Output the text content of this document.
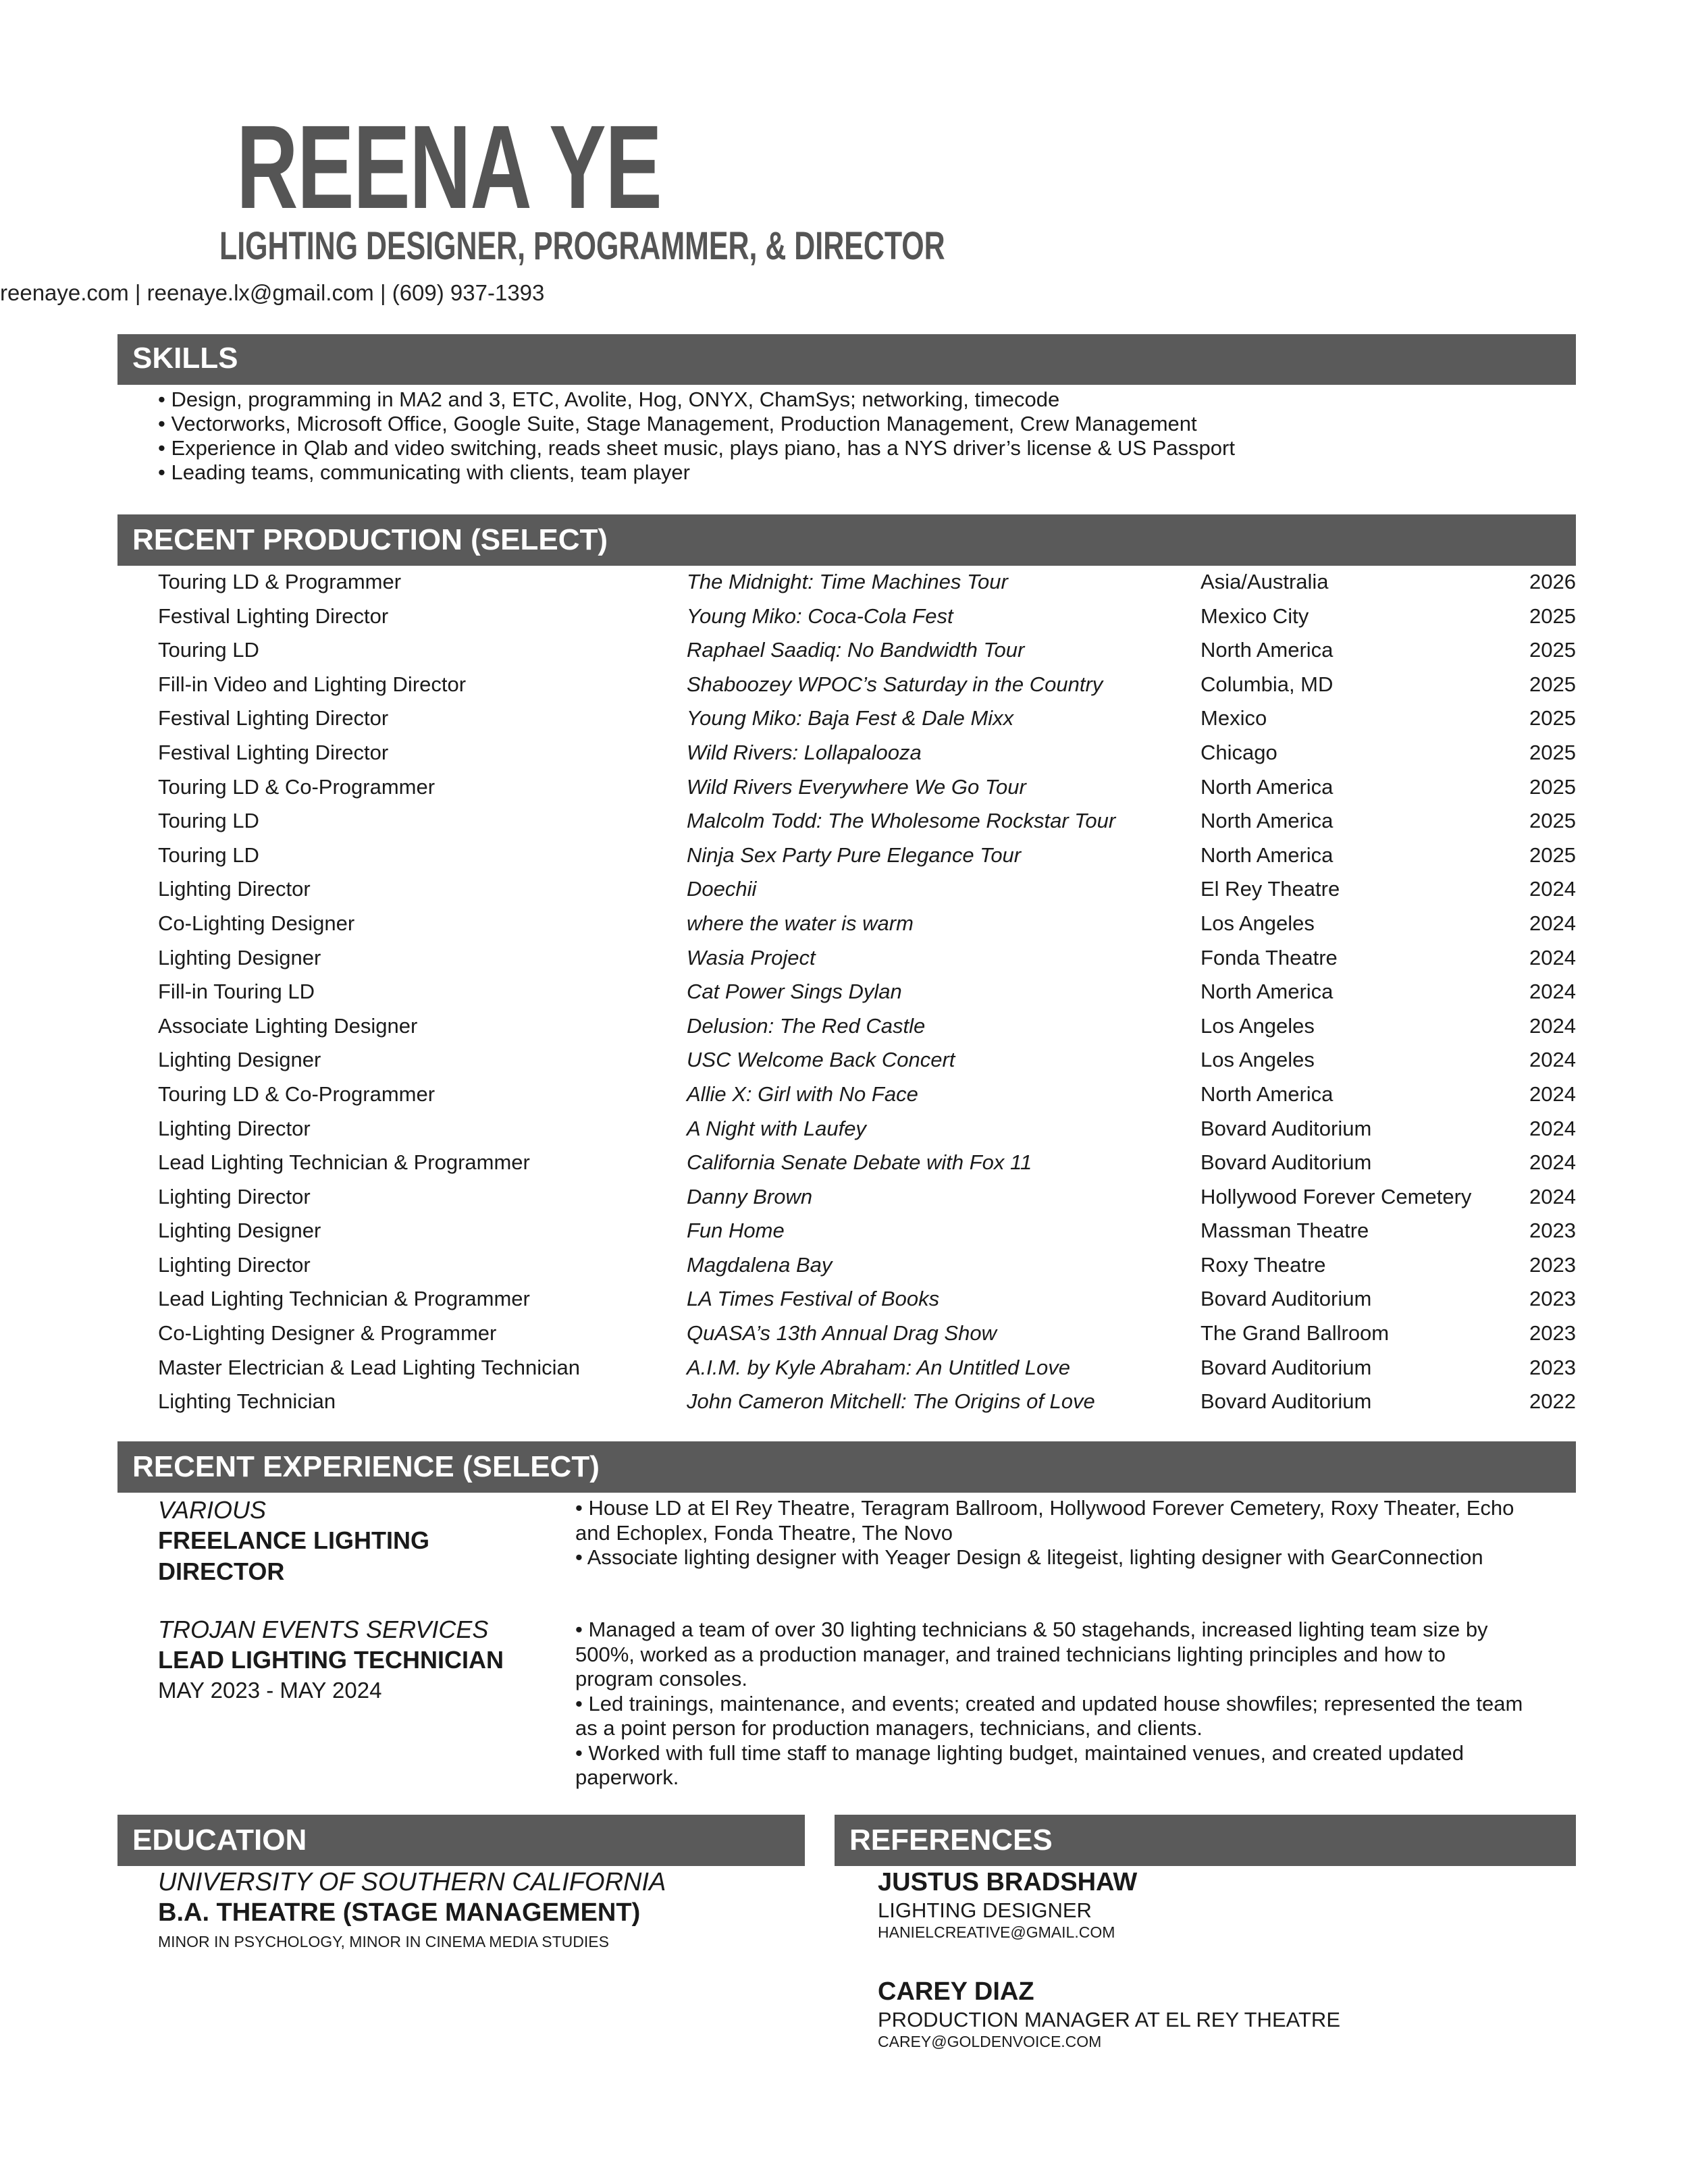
REENA YE
LIGHTING DESIGNER, PROGRAMMER, & DIRECTOR
reenaye.com | reenaye.lx@gmail.com | (609) 937-1393
SKILLS
• Design, programming in MA2 and 3, ETC, Avolite, Hog, ONYX, ChamSys; networking, timecode
• Vectorworks, Microsoft Office, Google Suite, Stage Management, Production Management, Crew Management
• Experience in Qlab and video switching, reads sheet music, plays piano, has a NYS driver’s license & US Passport
• Leading teams, communicating with clients, team player
RECENT PRODUCTION (SELECT)
Touring LD & Programmer	The Midnight: Time Machines Tour	Asia/Australia	2026
Festival Lighting Director	Young Miko: Coca-Cola Fest	Mexico City	2025
Touring LD	Raphael Saadiq: No Bandwidth Tour	North America	2025
Fill-in Video and Lighting Director	Shaboozey WPOC’s Saturday in the Country	Columbia, MD	2025
Festival Lighting Director	Young Miko: Baja Fest & Dale Mixx	Mexico	2025
Festival Lighting Director	Wild Rivers: Lollapalooza	Chicago	2025
Touring LD & Co-Programmer	Wild Rivers Everywhere We Go Tour	North America	2025
Touring LD	Malcolm Todd: The Wholesome Rockstar Tour	North America	2025
Touring LD	Ninja Sex Party Pure Elegance Tour	North America	2025
Lighting Director	Doechii	El Rey Theatre	2024
Co-Lighting Designer	where the water is warm	Los Angeles	2024
Lighting Designer	Wasia Project	Fonda Theatre	2024
Fill-in Touring LD	Cat Power Sings Dylan	North America	2024
Associate Lighting Designer	Delusion: The Red Castle	Los Angeles	2024
Lighting Designer	USC Welcome Back Concert	Los Angeles	2024
Touring LD & Co-Programmer	Allie X: Girl with No Face	North America	2024
Lighting Director	A Night with Laufey	Bovard Auditorium	2024
Lead Lighting Technician & Programmer	California Senate Debate with Fox 11	Bovard Auditorium	2024
Lighting Director	Danny Brown	Hollywood Forever Cemetery	2024
Lighting Designer	Fun Home	Massman Theatre	2023
Lighting Director	Magdalena Bay	Roxy Theatre	2023
Lead Lighting Technician & Programmer	LA Times Festival of Books	Bovard Auditorium	2023
Co-Lighting Designer & Programmer	QuASA’s 13th Annual Drag Show	The Grand Ballroom	2023
Master Electrician & Lead Lighting Technician	A.I.M. by Kyle Abraham: An Untitled Love	Bovard Auditorium	2023
Lighting Technician	John Cameron Mitchell: The Origins of Love	Bovard Auditorium	2022
RECENT EXPERIENCE (SELECT)
VARIOUS
FREELANCE LIGHTING
DIRECTOR
• House LD at El Rey Theatre, Teragram Ballroom, Hollywood Forever Cemetery, Roxy Theater, Echo
and Echoplex, Fonda Theatre, The Novo
• Associate lighting designer with Yeager Design & litegeist, lighting designer with GearConnection
TROJAN EVENTS SERVICES
LEAD LIGHTING TECHNICIAN
MAY 2023 - MAY 2024
• Managed a team of over 30 lighting technicians & 50 stagehands, increased lighting team size by
500%, worked as a production manager, and trained technicians lighting principles and how to
program consoles.
• Led trainings, maintenance, and events; created and updated house showfiles; represented the team
as a point person for production managers, technicians, and clients.
• Worked with full time staff to manage lighting budget, maintained venues, and created updated
paperwork.
EDUCATION
UNIVERSITY OF SOUTHERN CALIFORNIA
B.A. THEATRE (STAGE MANAGEMENT)
MINOR IN PSYCHOLOGY, MINOR IN CINEMA MEDIA STUDIES
REFERENCES
JUSTUS BRADSHAW
LIGHTING DESIGNER
HANIELCREATIVE@GMAIL.COM
CAREY DIAZ
PRODUCTION MANAGER AT EL REY THEATRE
CAREY@GOLDENVOICE.COM
